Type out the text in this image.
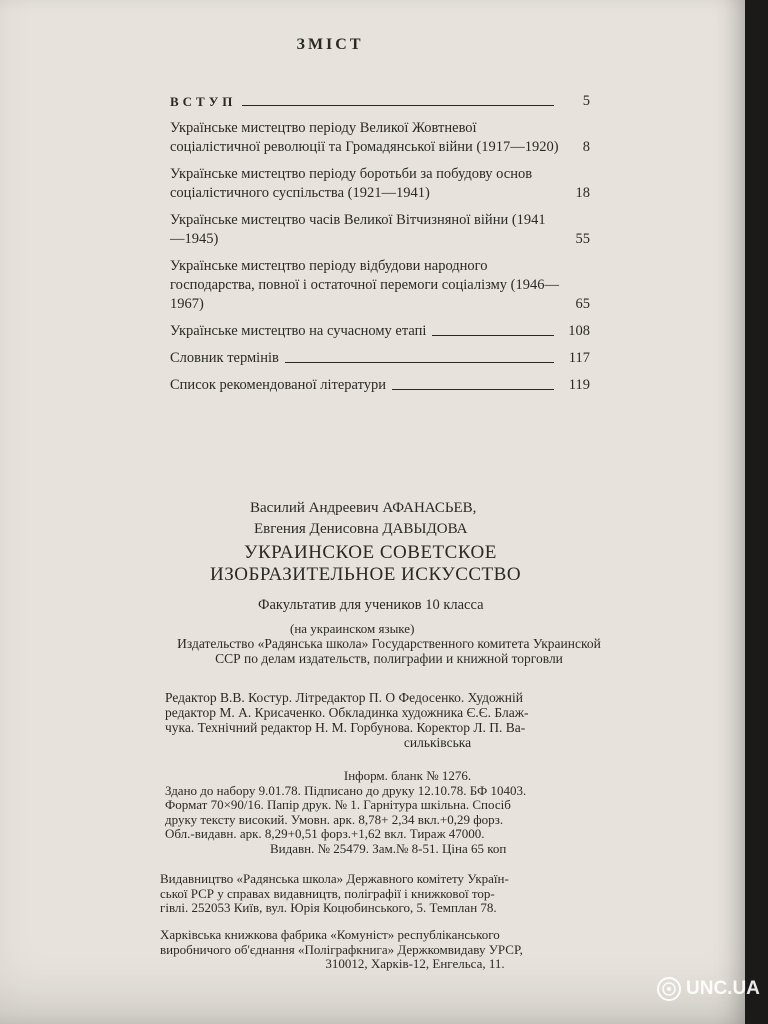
ЗМІСТ
ВСТУП	5
Українське мистецтво періоду Великої Жовтневої соціалістичної революції та Громадянської війни (1917—1920)	8
Українське мистецтво періоду боротьби за побудову основ соціалістичного суспільства (1921—1941)	18
Українське мистецтво часів Великої Вітчизняної війни (1941—1945)	55
Українське мистецтво періоду відбудови народного господарства, повної і остаточної перемоги соціалізму (1946—1967)	65
Українське мистецтво на сучасному етапі	108
Словник термінів	117
Список рекомендованої літератури	119
Василий Андреевич АФАНАСЬЕВ,
Евгения Денисовна ДАВЫДОВА
УКРАИНСКОЕ СОВЕТСКОЕ
ИЗОБРАЗИТЕЛЬНОЕ ИСКУССТВО
Факультатив для учеников 10 класса
(на украинском языке)
Издательство «Радянська школа» Государственного комитета Украинской ССР по делам издательств, полиграфии и книжной торговли

Редактор В.В. Костур. Літредактор П. О Федосенко. Художній

редактор М. А. Крисаченко. Обкладинка художника Є.Є. Блаж-

чука. Технічний редактор Н. М. Горбунова. Коректор Л. П. Ва-

сильківська

Інформ. бланк № 1276.

Здано до набору 9.01.78. Підписано до друку 12.10.78. БФ 10403.

Формат 70×90/16. Папір друк. № 1. Гарнітура шкільна. Спосіб

друку тексту високий. Умовн. арк. 8,78+ 2,34 вкл.+0,29 форз.

Обл.-видавн. арк. 8,29+0,51 форз.+1,62 вкл. Тираж 47000.

Видавн. № 25479. Зам.№ 8-51. Ціна 65 коп

Видавництво «Радянська школа» Державного комітету Україн-

ської РСР у справах видавництв, поліграфії і книжкової тор-

гівлі. 252053 Київ, вул. Юрія Коцюбинського, 5. Темплан 78.

Харківська книжкова фабрика «Комуніст» республіканського

виробничого об'єднання «Поліграфкнига» Держкомвидаву УРСР,

310012, Харків-12, Енгельса, 11.

UNC.UA
